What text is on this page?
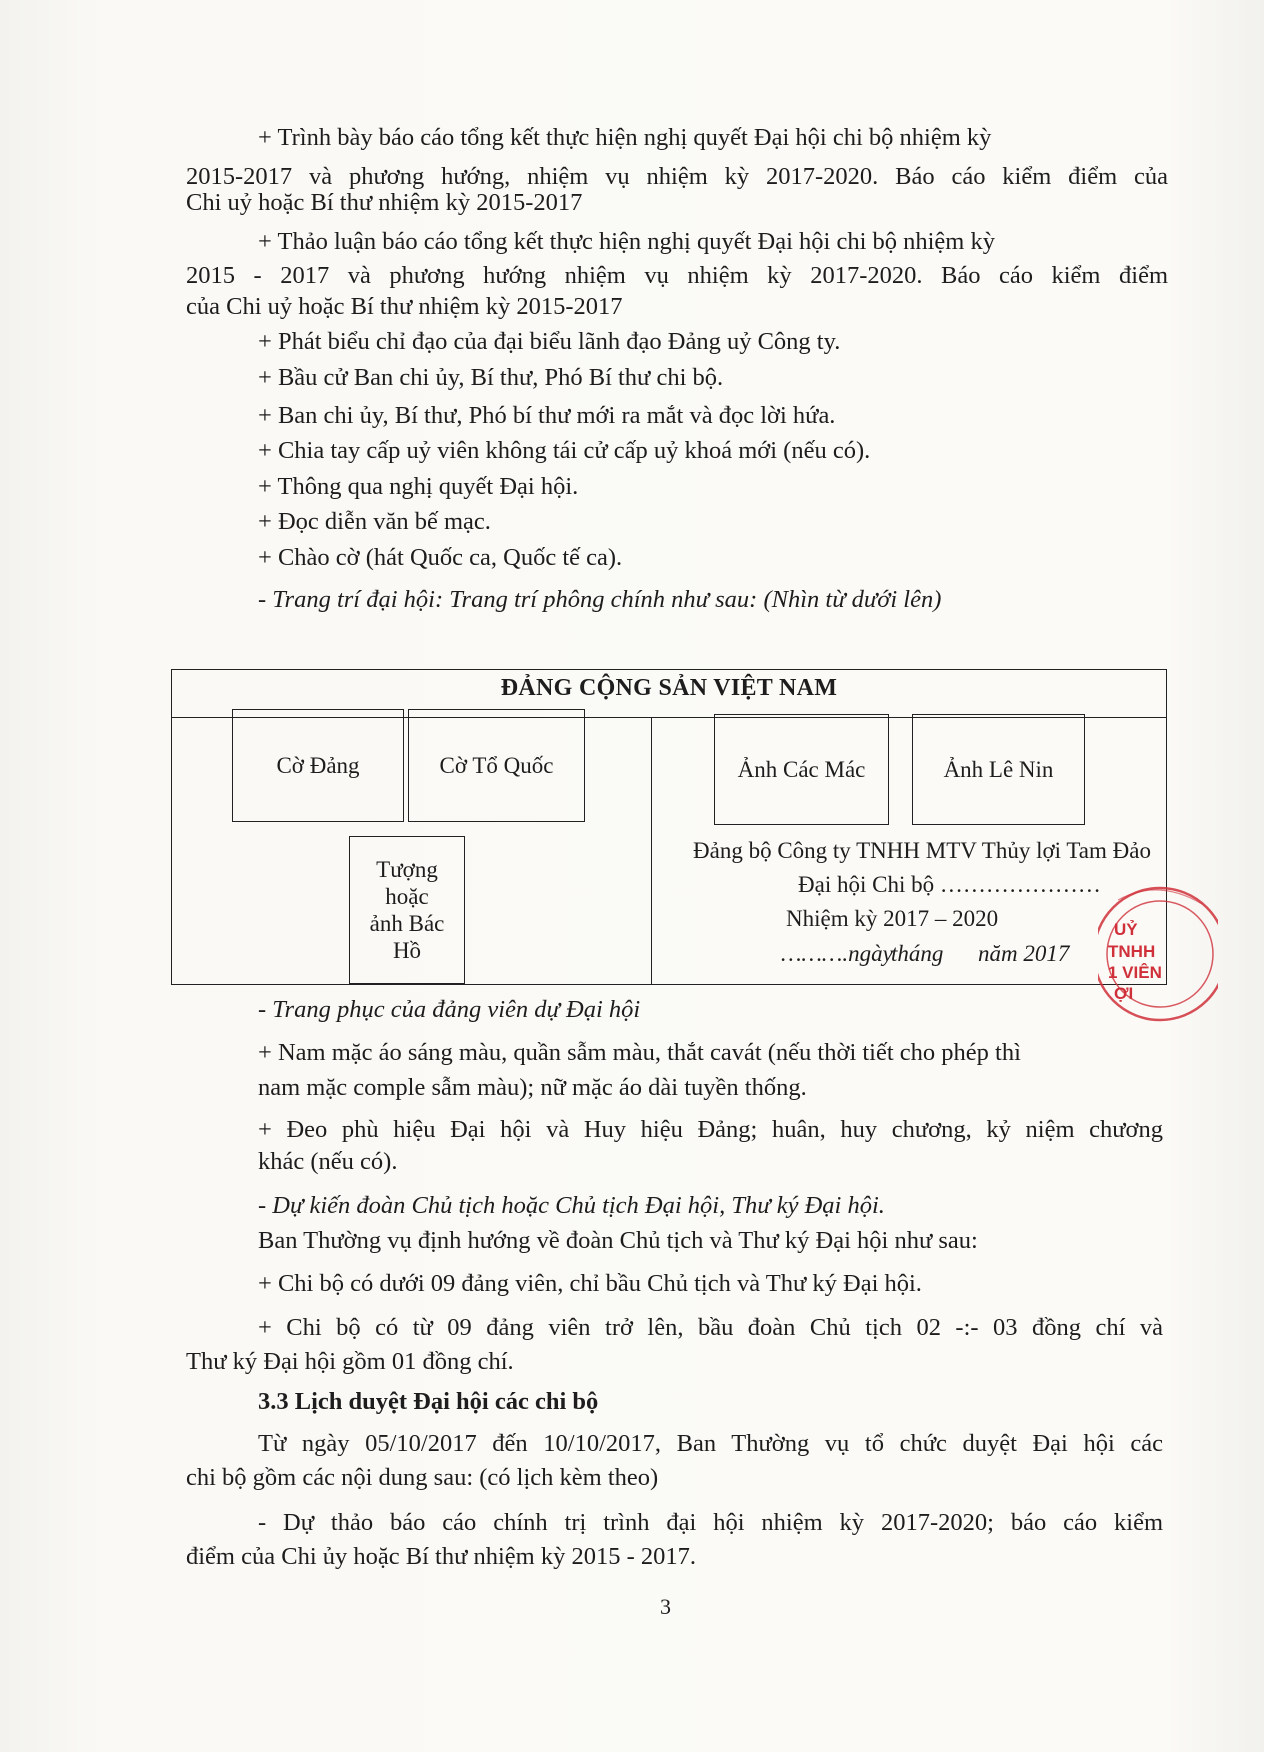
+ Trình bày báo cáo tổng kết thực hiện nghị quyết Đại hội chi bộ nhiệm kỳ
2015-2017 và phương hướng, nhiệm vụ nhiệm kỳ 2017-2020. Báo cáo kiểm điểm của
Chi uỷ hoặc Bí thư nhiệm kỳ 2015-2017
+ Thảo luận báo cáo tổng kết thực hiện nghị quyết Đại hội chi bộ nhiệm kỳ
2015 - 2017 và phương hướng nhiệm vụ nhiệm kỳ 2017-2020. Báo cáo kiểm điểm
của Chi uỷ hoặc Bí thư nhiệm kỳ 2015-2017
+ Phát biểu chỉ đạo của đại biểu lãnh đạo Đảng uỷ Công ty.
+ Bầu cử Ban chi ủy, Bí thư, Phó Bí thư chi bộ.
+ Ban chi ủy, Bí thư, Phó bí thư mới ra mắt và đọc lời hứa.
+ Chia tay cấp uỷ viên không tái cử cấp uỷ khoá mới (nếu có).
+ Thông qua nghị quyết Đại hội.
+ Đọc diễn văn bế mạc.
+ Chào cờ (hát Quốc ca, Quốc tế ca).
- Trang trí đại hội: Trang trí phông chính như sau: (Nhìn từ dưới lên)
ĐẢNG CỘNG SẢN VIỆT NAM
Cờ Đảng	Cờ Tổ Quốc
Tượng
hoặc
ảnh Bác
Hồ
Ảnh Các Mác	Ảnh Lê Nin
Đảng bộ Công ty TNHH MTV Thủy lợi Tam Đảo
Đại hội Chi bộ …………………
Nhiệm kỳ 2017 – 2020
……….ngày
tháng năm 2017
UỶ
TNHH
1 VIÊN
ỢI
- Trang phục của đảng viên dự Đại hội
+ Nam mặc áo sáng màu, quần sẫm màu, thắt cavát (nếu thời tiết cho phép thì
nam mặc comple sẫm màu); nữ mặc áo dài tuyền thống.
+ Đeo phù hiệu Đại hội và Huy hiệu Đảng; huân, huy chương, kỷ niệm chương
khác (nếu có).
- Dự kiến đoàn Chủ tịch hoặc Chủ tịch Đại hội, Thư ký Đại hội.
Ban Thường vụ định hướng về đoàn Chủ tịch và Thư ký Đại hội như sau:
+ Chi bộ có dưới 09 đảng viên, chỉ bầu Chủ tịch và Thư ký Đại hội.
+ Chi bộ có từ 09 đảng viên trở lên, bầu đoàn Chủ tịch 02 -:- 03 đồng chí và
Thư ký Đại hội gồm 01 đồng chí.
3.3 Lịch duyệt Đại hội các chi bộ
Từ ngày 05/10/2017 đến 10/10/2017, Ban Thường vụ tổ chức duyệt Đại hội các
chi bộ gồm các nội dung sau: (có lịch kèm theo)
- Dự thảo báo cáo chính trị trình đại hội nhiệm kỳ 2017-2020; báo cáo kiểm
điểm của Chi ủy hoặc Bí thư nhiệm kỳ 2015 - 2017.
3
